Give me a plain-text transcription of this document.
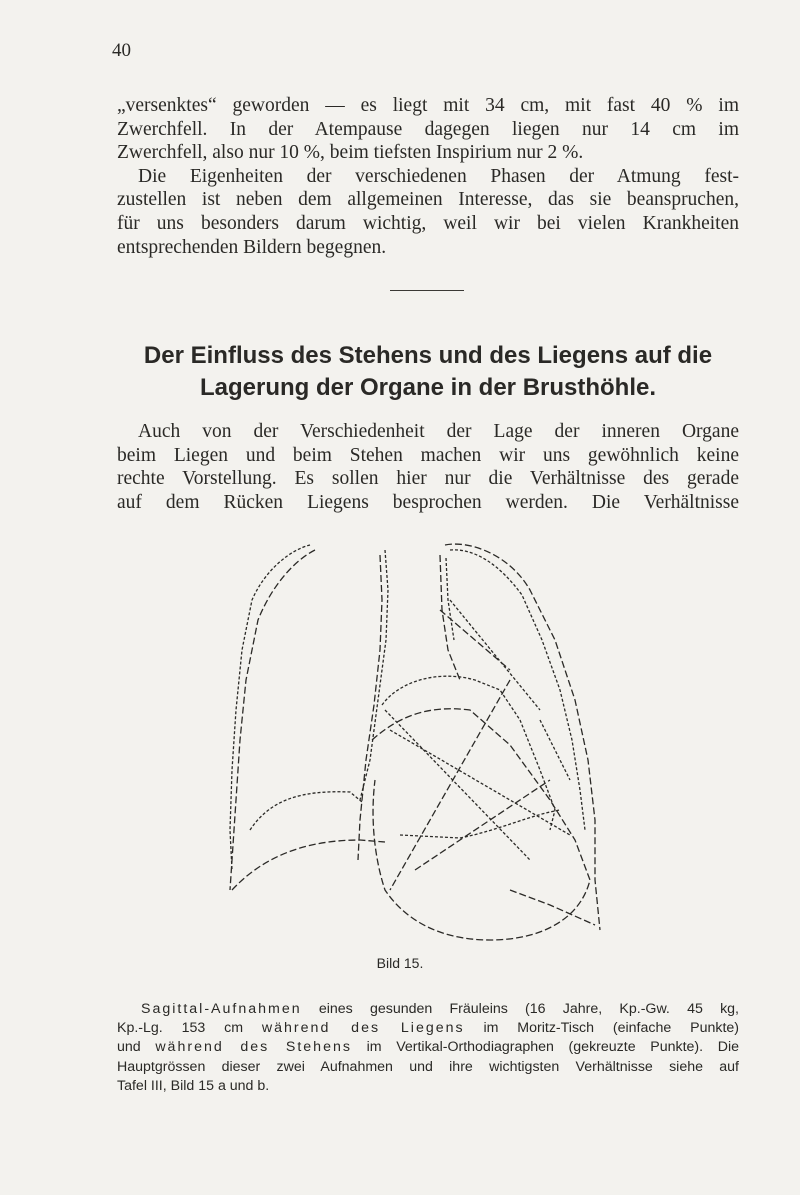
40
„versenktes“ geworden — es liegt mit 34 cm, mit fast 40 % im
Zwerchfell. In der Atempause dagegen liegen nur 14 cm im
Zwerchfell, also nur 10 %, beim tiefsten Inspirium nur 2 %.
Die Eigenheiten der verschiedenen Phasen der Atmung fest-
zustellen ist neben dem allgemeinen Interesse, das sie beanspruchen,
für uns besonders darum wichtig, weil wir bei vielen Krankheiten
entsprechenden Bildern begegnen.
Der Einfluss des Stehens und des Liegens auf die
Lagerung der Organe in der Brusthöhle.
Auch von der Verschiedenheit der Lage der inneren Organe
beim Liegen und beim Stehen machen wir uns gewöhnlich keine
rechte Vorstellung. Es sollen hier nur die Verhältnisse des gerade
auf dem Rücken Liegens besprochen werden. Die Verhältnisse
Bild 15.
Sagittal-Aufnahmen eines gesunden Fräuleins (16 Jahre, Kp.-Gw. 45 kg,
Kp.-Lg. 153 cm während des Liegens im Moritz-Tisch (einfache Punkte)
und während des Stehens im Vertikal-Orthodiagraphen (gekreuzte Punkte). Die
Hauptgrössen dieser zwei Aufnahmen und ihre wichtigsten Verhältnisse siehe auf
Tafel III, Bild 15 a und b.
